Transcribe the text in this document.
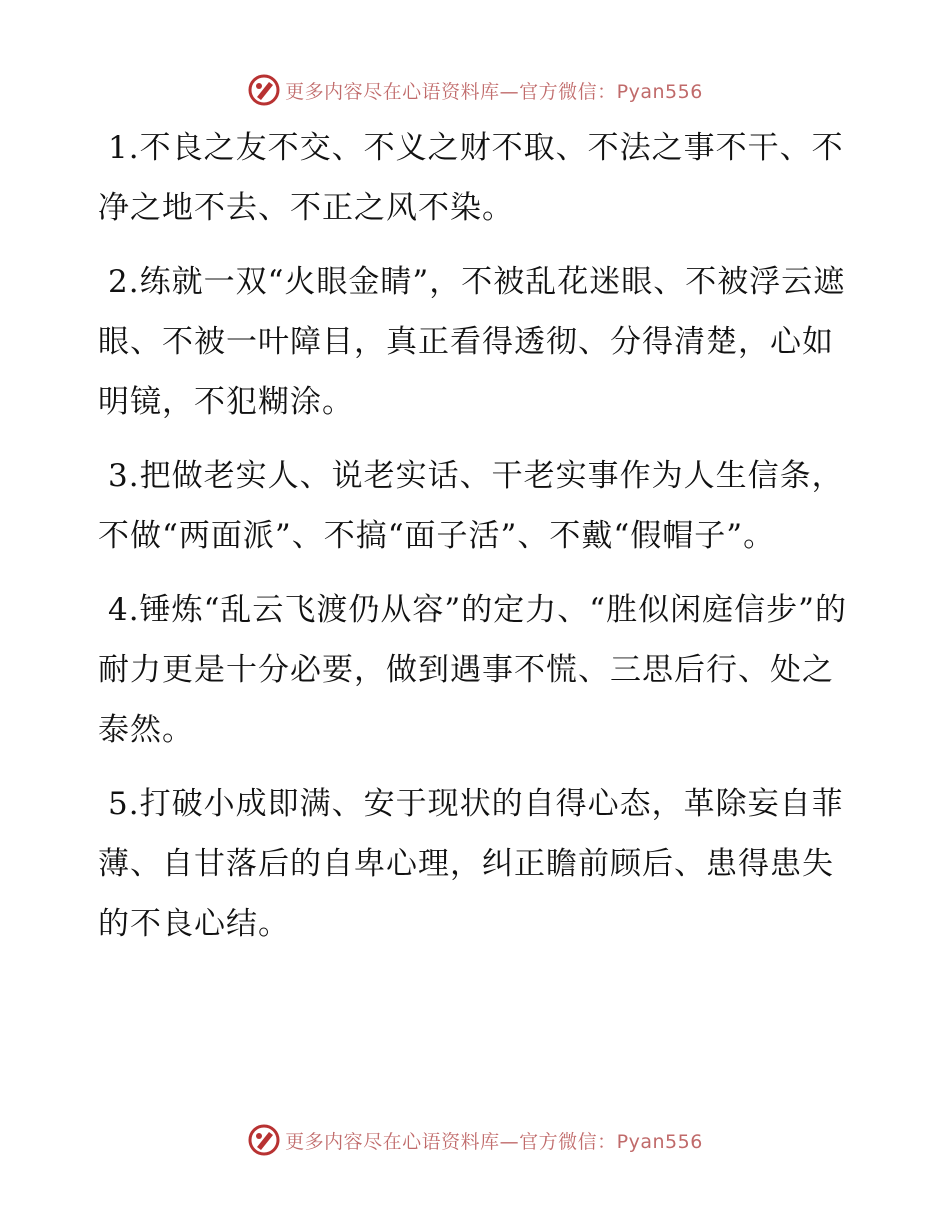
更多内容尽在心语资料库—官方微信：Pyan556

1.不良之友不交、不义之财不取、不法之事不干、不净之地不去、不正之风不染。

2.练就一双“火眼金睛”，不被乱花迷眼、不被浮云遮眼、不被一叶障目，真正看得透彻、分得清楚，心如明镜，不犯糊涂。

3.把做老实人、说老实话、干老实事作为人生信条，不做“两面派”、不搞“面子活”、不戴“假帽子”。

4.锤炼“乱云飞渡仍从容”的定力、“胜似闲庭信步”的耐力更是十分必要，做到遇事不慌、三思后行、处之泰然。

5.打破小成即满、安于现状的自得心态，革除妄自菲薄、自甘落后的自卑心理，纠正瞻前顾后、患得患失的不良心结。

更多内容尽在心语资料库—官方微信：Pyan556
